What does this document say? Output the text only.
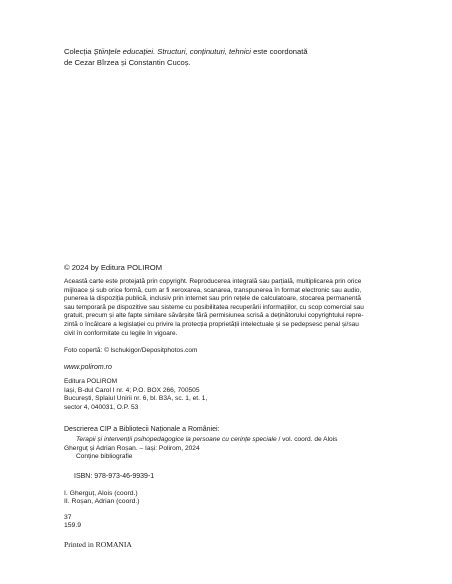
Colecția Științele educației. Structuri, conținuturi, tehnici este coordonată
de Cezar Bîrzea și Constantin Cucoș.
© 2024 by Editura POLIROM
Această carte este protejată prin copyright. Reproducerea integrală sau parțială, multiplicarea prin orice
mijloace și sub orice formă, cum ar fi xeroxarea, scanarea, transpunerea în format electronic sau audio,
punerea la dispoziția publică, inclusiv prin internet sau prin rețele de calculatoare, stocarea permanentă
sau temporară pe dispozitive sau sisteme cu posibilitatea recuperării informațiilor, cu scop comercial sau
gratuit, precum și alte fapte similare săvârșite fără permisiunea scrisă a deținătorului copyrightului repre-
zintă o încălcare a legislației cu privire la protecția proprietății intelectuale și se pedepsesc penal și/sau
civil în conformitate cu legile în vigoare.
Foto copertă: © lschukigor/Depositphotos.com
www.polirom.ro
Editura POLIROM
Iași, B-dul Carol I nr. 4; P.O. BOX 266, 700505
București, Splaiul Unirii nr. 6, bl. B3A, sc. 1, et. 1,
sector 4, 040031, O.P. 53
Descrierea CIP a Bibliotecii Naționale a României:
Terapii și intervenții psihopedagogice la persoane cu cerințe speciale / vol. coord. de Alois
Gherguț și Adrian Roșan. – Iași: Polirom, 2024
Conține bibliografie
ISBN: 978-973-46-9939-1
I. Gherguț, Alois (coord.)
II. Roșan, Adrian (coord.)
37
159.9
Printed in ROMANIA
